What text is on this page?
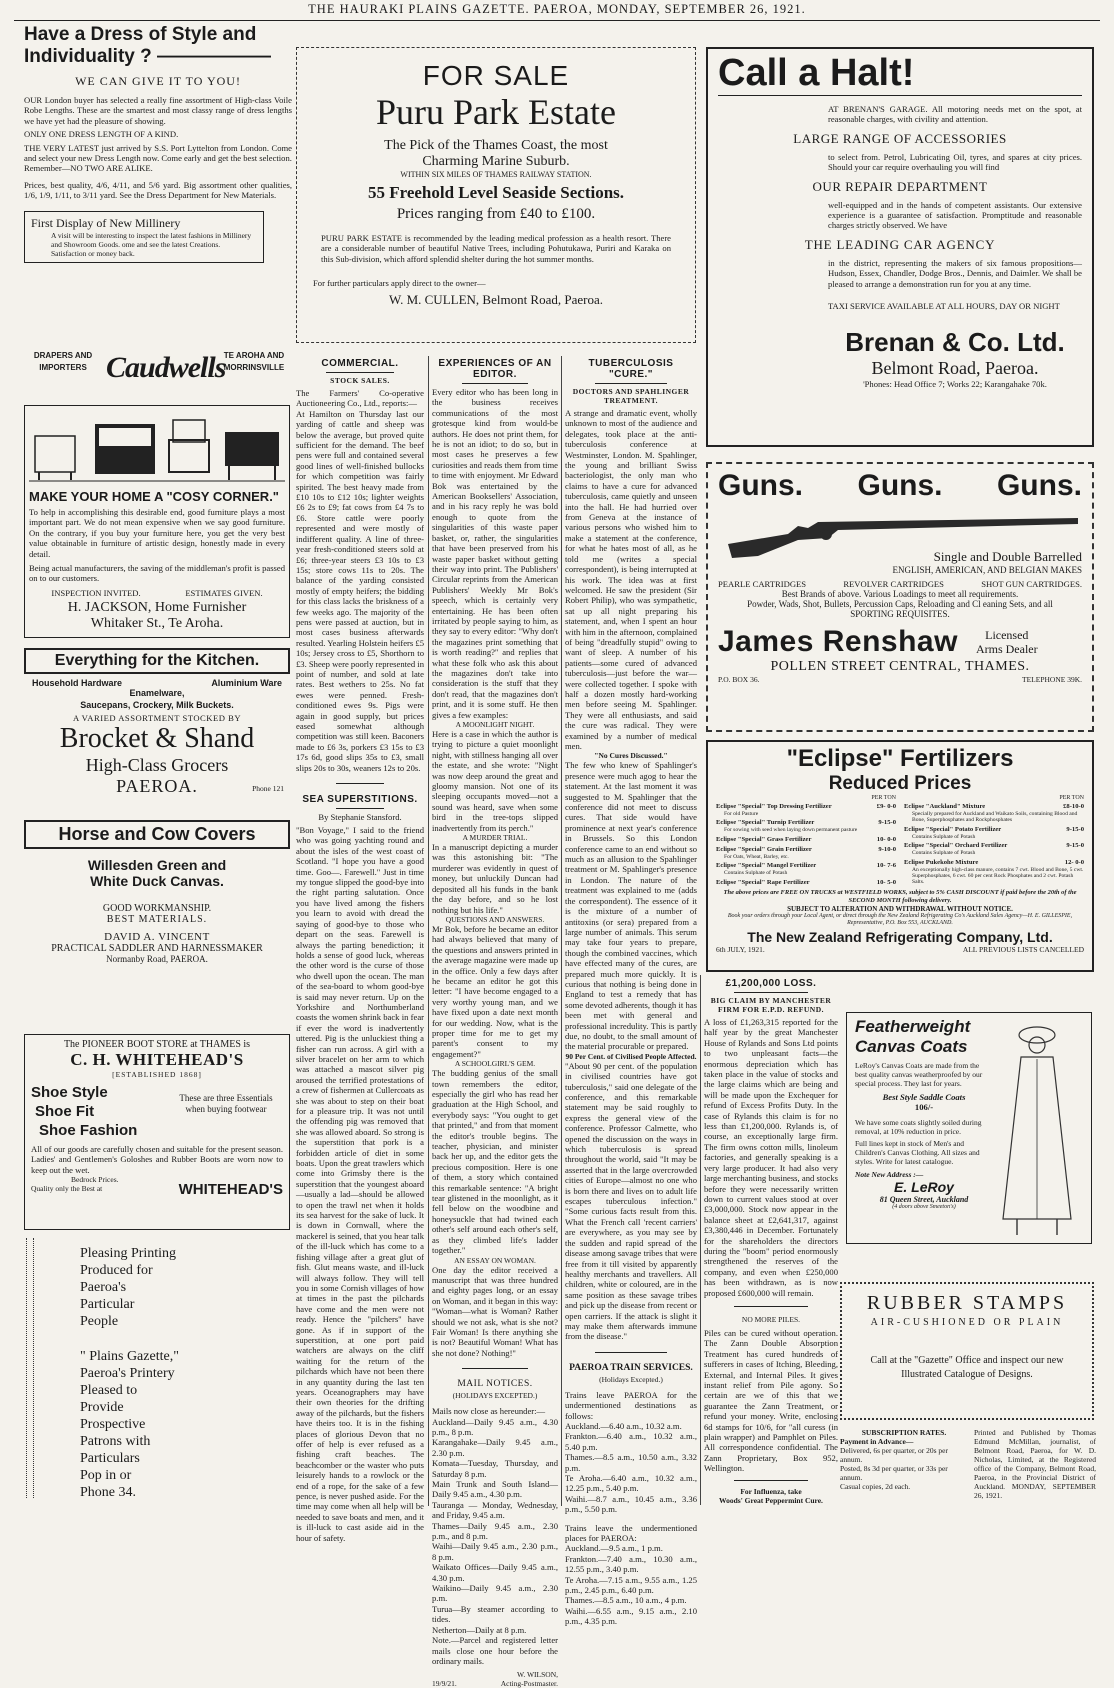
THE HAURAKI PLAINS GAZETTE. PAEROA, MONDAY, SEPTEMBER 26, 1921.
Have a Dress of Style and
Individuality ? ——————
WE CAN GIVE IT TO YOU!

OUR London buyer has selected a really fine assortment of High-class Voile Robe Lengths. These are the smartest and most classy range of dress lengths we have yet had the pleasure of showing.

ONLY ONE DRESS LENGTH OF A KIND.

THE VERY LATEST just arrived by S.S. Port Lyttelton from London. Come and select your new Dress Length now. Come early and get the best selection.

Remember—NO TWO ARE ALIKE.

Prices, best quality, 4/6, 4/11, and 5/6 yard. Big assortment other qualities, 1/6, 1/9, 1/11, to 3/11 yard. See the Dress Department for New Materials.

First Display of New Millinery

A visit will be interesting to inspect the latest fashions in Millinery and Showroom Goods. ome and see the latest Creations. Satisfaction or money back.

DRAPERS AND IMPORTERS Caudwells
TE AROHA AND MORRINSVILLE
FOR SALE
Puru Park Estate
The Pick of the Thames Coast, the most
Charming Marine Suburb.
WITHIN SIX MILES OF THAMES RAILWAY STATION.
55 Freehold Level Seaside Sections.
Prices ranging from £40 to £100.

PURU PARK ESTATE is recommended by the leading medical profession as a health resort. There are a considerable number of beautiful Native Trees, including Pohutukawa, Puriri and Karaka on this Sub-division, which afford splendid shelter during the hot summer months.

For further particulars apply direct to the owner—
W. M. CULLEN, Belmont Road, Paeroa.
Call a Halt!

AT BRENAN'S GARAGE. All motoring needs met on the spot, at reasonable charges, with civility and attention.

LARGE RANGE OF ACCESSORIES

to select from. Petrol, Lubricating Oil, tyres, and spares at city prices. Should your car require overhauling you will find

OUR REPAIR DEPARTMENT

well-equipped and in the hands of competent assistants. Our extensive experience is a guarantee of satisfaction. Promptitude and reasonable charges strictly observed. We have

THE LEADING CAR AGENCY

in the district, representing the makers of six famous propositions—Hudson, Essex, Chandler, Dodge Bros., Dennis, and Daimler. We shall be pleased to arrange a demonstration run for you at any time.

TAXI SERVICE AVAILABLE AT ALL HOURS, DAY OR NIGHT
Brenan & Co. Ltd.
Belmont Road, Paeroa.
'Phones: Head Office 7; Works 22; Karangahake 70k.
MAKE YOUR HOME A "COSY CORNER."

To help in accomplishing this desirable end, good furniture plays a most important part. We do not mean expensive when we say good furniture. On the contrary, if you buy your furniture here, you get the very best value obtainable in furniture of artistic design, honestly made in every detail.

Being actual manufacturers, the saving of the middleman's profit is passed on to our customers.

INSPECTION INVITED.	ESTIMATES GIVEN.
H. JACKSON, Home Furnisher
Whitaker St., Te Aroha.
Everything for the Kitchen.
Household Hardware	Aluminium Ware
Enamelware,
Saucepans, Crockery, Milk Buckets.
A VARIED ASSORTMENT STOCKED BY
Brocket & Shand
High-Class Grocers
PAEROA.	Phone 121
Horse and Cow Covers
Willesden Green and
White Duck Canvas.
GOOD WORKMANSHIP.
BEST MATERIALS.
DAVID A. VINCENT
PRACTICAL SADDLER AND HARNESSMAKER
Normanby Road, PAEROA.
The PIONEER BOOT STORE at THAMES is
C. H. WHITEHEAD'S
[ESTABLISHED 1868]
Shoe Style
Shoe Fit
Shoe Fashion
These are three Essentials when buying footwear

All of our goods are carefully chosen and suitable for the present season. Ladies' and Gentlemen's Goloshes and Rubber Boots are worn now to keep out the wet.

Bedrock Prices.
Quality only the Best at	WHITEHEAD'S

Pleasing Printing

Produced for

Paeroa's

Particular

People

" Plains Gazette,"

Paeroa's Printery

Pleased to

Provide

Prospective

Patrons with

Particulars

Pop in or

Phone 34.

COMMERCIAL.
STOCK SALES.

The Farmers' Co-operative Auctioneering Co., Ltd., reports:—

At Hamilton on Thursday last our yarding of cattle and sheep was below the average, but proved quite sufficient for the demand. The beef pens were full and contained several good lines of well-finished bullocks for which competition was fairly spirited. The best heavy made from £10 10s to £12 10s; lighter weights £6 2s to £9; fat cows from £4 7s to £6. Store cattle were poorly represented and were mostly of indifferent quality. A line of three-year fresh-conditioned steers sold at £6; three-year steers £3 10s to £3 15s; store cows 11s to 20s. The balance of the yarding consisted mostly of empty heifers; the bidding for this class lacks the briskness of a few weeks ago. The majority of the pens were passed at auction, but in most cases business afterwards resulted. Yearling Holstein heifers £5 10s; Jersey cross to £5, Shorthorn to £3. Sheep were poorly represented in point of number, and sold at late rates. Best wethers to 25s. No fat ewes were penned. Fresh-conditioned ewes 9s. Pigs were again in good supply, but prices eased somewhat although competition was still keen. Baconers made to £6 3s, porkers £3 15s to £3 17s 6d, good slips 35s to £3, small slips 20s to 30s, weaners 12s to 20s.

SEA SUPERSTITIONS.
By Stephanie Stansford.

"Bon Voyage," I said to the friend who was going yachting round and about the isles of the west coast of Scotland. "I hope you have a good time. Goo—. Farewell." Just in time my tongue slipped the good-bye into the right parting salutation. Once you have lived among the fishers you learn to avoid with dread the saying of good-bye to those who depart on the seas. Farewell is always the parting benediction; it holds a sense of good luck, whereas the other word is the curse of those who dwell upon the ocean. The man of the sea-board to whom good-bye is said may never return. Up on the Yorkshire and Northumberland coasts the women shrink back in fear if ever the word is inadvertently uttered. Pig is the unluckiest thing a fisher can run across. A girl with a silver bracelet on her arm to which was attached a mascot silver pig aroused the terrified protestations of a crew of fishermen at Cullercoats as she was about to step on their boat for a pleasure trip. It was not until the offending pig was removed that she was allowed aboard. So strong is the superstition that pork is a forbidden article of diet in some boats. Upon the great trawlers which come into Grimsby there is the superstition that the youngest aboard—usually a lad—should be allowed to open the trawl net when it holds its sea harvest for the sake of luck. It is down in Cornwall, where the mackerel is seined, that you hear talk of the ill-luck which has come to a fishing village after a great glut of fish. Glut means waste, and ill-luck will always follow. They will tell you in some Cornish villages of how at times in the past the pilchards have come and the men were not ready. Hence the "pilchers" have gone. As if in support of the superstition, at one port paid watchers are always on the cliff waiting for the return of the pilchards which have not been there in any quantity during the last ten years. Oceanographers may have their own theories for the drifting away of the pilchards, but the fishers have theirs too. It is in the fishing places of glorious Devon that no offer of help is ever refused as a fishing craft beaches. The beachcomber or the waster who puts leisurely hands to a rowlock or the end of a rope, for the sake of a few pence, is never pushed aside. For the time may come when all help will be needed to save boats and men, and it is ill-luck to cast aside aid in the hour of safety.

EXPERIENCES OF AN EDITOR.

Every editor who has been long in the business receives communications of the most grotesque kind from would-be authors. He does not print them, for he is not an idiot; to do so, but in most cases he preserves a few curiosities and reads them from time to time with enjoyment. Mr Edward Bok was entertained by the American Booksellers' Association, and in his racy reply he was bold enough to quote from the singularities of this waste paper basket, or, rather, the singularities that have been preserved from his waste paper basket without getting their way into print. The Publishers' Circular reprints from the American Publishers' Weekly Mr Bok's speech, which is certainly very entertaining. He has been often irritated by people saying to him, as they say to every editor: "Why don't the magazines print something that is worth reading?" and replies that what these folk who ask this about the magazines don't take into consideration is the stuff that they don't read, that the magazines don't print, and it is some stuff. He then gives a few examples:

A MOONLIGHT NIGHT.

Here is a case in which the author is trying to picture a quiet moonlight night, with stillness hanging all over the estate, and she wrote: "Night was now deep around the great and gloomy mansion. Not one of its sleeping occupants moved—not a sound was heard, save when some bird in the tree-tops slipped inadvertently from its perch."

A MURDER TRIAL.

In a manuscript depicting a murder was this astonishing bit: "The murderer was evidently in quest of money, but unluckily Duncan had deposited all his funds in the bank the day before, and so he lost nothing but his life."

QUESTIONS AND ANSWERS.

Mr Bok, before he became an editor had always believed that many of the questions and answers printed in the average magazine were made up in the office. Only a few days after he became an editor he got this letter: "I have become engaged to a very worthy young man, and we have fixed upon a date next month for our wedding. Now, what is the proper time for me to get my parent's consent to my engagement?"

A SCHOOLGIRL'S GEM.

The budding genius of the small town remembers the editor, especially the girl who has read her graduation at the High School, and everybody says: "You ought to get that printed," and from that moment the editor's trouble begins. The teacher, physician, and minister back her up, and the editor gets the precious composition. Here is one of them, a story which contained this remarkable sentence: "A bright tear glistened in the moonlight, as it fell below on the woodbine and honeysuckle that had twined each other's self around each other's self, as they climbed life's ladder together."

AN ESSAY ON WOMAN.

One day the editor received a manuscript that was three hundred and eighty pages long, or an essay on Woman, and it began in this way: "Woman—what is Woman? Rather should we not ask, what is she not? Fair Woman! Is there anything she is not? Beautiful Woman! What has she not done? Nothing!"

MAIL NOTICES.
(HOLIDAYS EXCEPTED.)

Mails now close as hereunder:—

Auckland—Daily 9.45 a.m., 4.30 p.m., 8 p.m.

Karangahake—Daily 9.45 a.m., 2.30 p.m.

Komata—Tuesday, Thursday, and Saturday 8 p.m.

Main Trunk and South Island—Daily 9.45 a.m., 4.30 p.m.

Tauranga — Monday, Wednesday, and Friday, 9.45 a.m.

Thames—Daily 9.45 a.m., 2.30 p.m., and 8 p.m.

Waihi—Daily 9.45 a.m., 2.30 p.m., 8 p.m.

Waikato Offices—Daily 9.45 a.m., 4.30 p.m.

Waikino—Daily 9.45 a.m., 2.30 p.m.

Turua—By steamer according to tides.

Netherton—Daily at 8 p.m.

Note.—Parcel and registered letter mails close one hour before the ordinary mails.

W. WILSON,
19/9/21.	Acting-Postmaster.
TUBERCULOSIS "CURE."
DOCTORS AND SPAHLINGER TREATMENT.

A strange and dramatic event, wholly unknown to most of the audience and delegates, took place at the anti-tuberculosis conference at Westminster, London. M. Spahlinger, the young and brilliant Swiss bacteriologist, the only man who claims to have a cure for advanced tuberculosis, came quietly and unseen into the hall. He had hurried over from Geneva at the instance of various persons who wished him to make a statement at the conference, for what he hates most of all, as he told me (writes a special correspondent), is being interrupted at his work. The idea was at first welcomed. He saw the president (Sir Robert Philip), who was sympathetic, sat up all night preparing his statement, and, when I spent an hour with him in the afternoon, complained of being "dreadfully stupid" owing to want of sleep. A number of his patients—some cured of advanced tuberculosis—just before the war—were collected together. I spoke with half a dozen mostly hard-working men before seeing M. Spahlinger. They were all enthusiasts, and said the cure was radical. They were examined by a number of medical men.

"No Cures Discussed."

The few who knew of Spahlinger's presence were much agog to hear the statement. At the last moment it was suggested to M. Spahlinger that the conference did not meet to discuss cures. That side would have prominence at next year's conference in Brussels. So this London conference came to an end without so much as an allusion to the Spahlinger treatment or M. Spahlinger's presence in London. The nature of the treatment was explained to me (adds the correspondent). The essence of it is the mixture of a number of antitoxins (or sera) prepared from a large number of animals. This serum may take four years to prepare, though the combined vaccines, which have effected many of the cures, are prepared much more quickly. It is curious that nothing is being done in England to test a remedy that has some devoted adherents, though it has been met with general and professional incredulity. This is partly due, no doubt, to the small amount of the material procurable or prepared.

90 Per Cent. of Civilised People Affected.

"About 90 per cent. of the population in civilised countries have got tuberculosis," said one delegate of the conference, and this remarkable statement may be said roughly to express the general view of the conference. Professor Calmette, who opened the discussion on the ways in which tuberculosis is spread throughout the world, said "It may be asserted that in the large overcrowded cities of Europe—almost no one who is born there and lives on to adult life escapes tuberculous infection." "Some curious facts result from this. What the French call 'recent carriers' are everywhere, as you may see by the sudden and rapid spread of the disease among savage tribes that were free from it till visited by apparently healthy merchants and travellers. All children, white or coloured, are in the same position as these savage tribes and pick up the disease from recent or open carriers. If the attack is slight it may make them afterwards immune from the disease."

PAEROA TRAIN SERVICES.
(Holidays Excepted.)

Trains leave PAEROA for the undermentioned destinations as follows:

Auckland.—6.40 a.m., 10.32 a.m.

Frankton.—6.40 a.m., 10.32 a.m., 5.40 p.m.

Thames.—8.5 a.m., 10.50 a.m., 3.32 p.m.

Te Aroha.—6.40 a.m., 10.32 a.m., 12.25 p.m., 5.40 p.m.

Waihi.—8.7 a.m., 10.45 a.m., 3.36 p.m., 5.50 p.m.

Trains leave the undermentioned places for PAEROA:

Auckland.—9.5 a.m., 1 p.m.

Frankton.—7.40 a.m., 10.30 a.m., 12.55 p.m., 3.40 p.m.

Te Aroha.—7.15 a.m., 9.55 a.m., 1.25 p.m., 2.45 p.m., 6.40 p.m.

Thames.—8.5 a.m., 10 a.m., 4 p.m.

Waihi.—6.55 a.m., 9.15 a.m., 2.10 p.m., 4.35 p.m.

Guns. Guns. Guns.
Single and Double Barrelled
ENGLISH, AMERICAN, AND BELGIAN MAKES
PEARLE CARTRIDGES	REVOLVER CARTRIDGES	SHOT GUN CARTRIDGES.
Best Brands of above. Various Loadings to meet all requirements.
Powder, Wads, Shot, Bullets, Percussion Caps, Reloading and Cl eaning Sets, and all
SPORTING REQUISITES.
James Renshaw	Licensed
Arms Dealer
POLLEN STREET CENTRAL, THAMES.
P.O. BOX 36.	TELEPHONE 39K.
"Eclipse" Fertilizers
Reduced Prices
PER TON
Eclipse "Special" Top Dressing Fertilizer	£9- 0-0
For old Pasture
Eclipse "Special" Turnip Fertilizer	9-15-0
For sowing with seed when laying down permanent pasture
Eclipse "Special" Grass Fertilizer	10- 0-0
Eclipse "Special" Grain Fertilizer	9-10-0
For Oats, Wheat, Barley, etc.
Eclipse "Special" Mangel Fertilizer	10- 7-6
Contains Sulphate of Potash
Eclipse "Special" Rape Fertilizer	10- 5-0
PER TON
Eclipse "Auckland" Mixture	£8-10-0
Specially prepared for Auckland and Waikato Soils, containing Blood and Bone, Superphosphates and Rockphosphates
Eclipse "Special" Potato Fertilizer	9-15-0
Contains Sulphate of Potash
Eclipse "Special" Orchard Fertilizer	9-15-0
Contains Sulphate of Potash
Eclipse Pukekohe Mixture	12- 0-0
An exceptionally high-class manure, contains 7 cwt. Blood and Bone, 5 cwt. Superphosphates, 6 cwt. 60 per cent Rock Phosphates and 2 cwt. Potash Salts.
The above prices are FREE ON TRUCKS at WESTFIELD WORKS, subject to 5% CASH DISCOUNT if paid before the 20th of the SECOND MONTH following delivery.
SUBJECT TO ALTERATION AND WITHDRAWAL WITHOUT NOTICE.
Book your orders through your Local Agent, or direct through the New Zealand Refrigerating Co's Auckland Sales Agency—H. E. GILLESPIE, Representative, P.O. Box 553, AUCKLAND.
The New Zealand Refrigerating Company, Ltd.
6th JULY, 1921.	ALL PREVIOUS LISTS CANCELLED
£1,200,000 LOSS.
BIG CLAIM BY MANCHESTER FIRM FOR E.P.D. REFUND.

A loss of £1,263,315 reported for the half year by the great Manchester House of Rylands and Sons Ltd points to two unpleasant facts—the enormous depreciation which has taken place in the value of stocks and the large claims which are being and will be made upon the Exchequer for refund of Excess Profits Duty. In the case of Rylands this claim is for no less than £1,200,000. Rylands is, of course, an exceptionally large firm. The firm owns cotton mills, linoleum factories, and generally speaking is a very large producer. It had also very large merchanting business, and stocks before they were necessarily written down to current values stood at over £3,000,000. Stock now appear in the balance sheet at £2,641,317, against £3,380,446 in December. Fortunately for the shareholders the directors during the "boom" period enormously strengthened the reserves of the company, and even when £250,000 has been withdrawn, as is now proposed £600,000 will remain.

NO MORE PILES.

Piles can be cured without operation. The Zann Double Absorption Treatment has cured hundreds of sufferers in cases of Itching, Bleeding, External, and Internal Piles. It gives instant relief from Pile agony. So certain are we of this that we guarantee the Zann Treatment, or refund your money. Write, enclosing 6d stamps for 10/6, for "all curess (in plain wrapper) and Pamphlet on Piles. All correspondence confidential. The Zann Proprietary, Box 952, Wellington.

For Influenza, take
Woods' Great Peppermint Cure.
Featherweight
Canvas Coats

LeRoy's Canvas Coats are made from the best quality canvas weatherproofed by our special process. They last for years.

Best Style Saddle Coats
106/-

We have some coats slightly soiled during removal, at 10% reduction in price.

Full lines kept in stock of Men's and Children's Canvas Clothing. All sizes and styles. Write for latest catalogue.

Note New Address :—
E. LeRoy
81 Queen Street, Auckland
(4 doors above Smeeton's)
RUBBER STAMPS
AIR-CUSHIONED OR PLAIN
Call at the "Gazette" Office and inspect our new Illustrated Catalogue of Designs.
SUBSCRIPTION RATES.
Payment in Advance—
Delivered, 6s per quarter, or 20s per annum.
Posted, 8s 3d per quarter, or 33s per annum.
Casual copies, 2d each.
Printed and Published by Thomas Edmund McMillan, journalist, of Belmont Road, Paeroa, for W. D. Nicholas, Limited, at the Registered office of the Company, Belmont Road, Paeroa, in the Provincial District of Auckland. MONDAY, SEPTEMBER 26, 1921.
